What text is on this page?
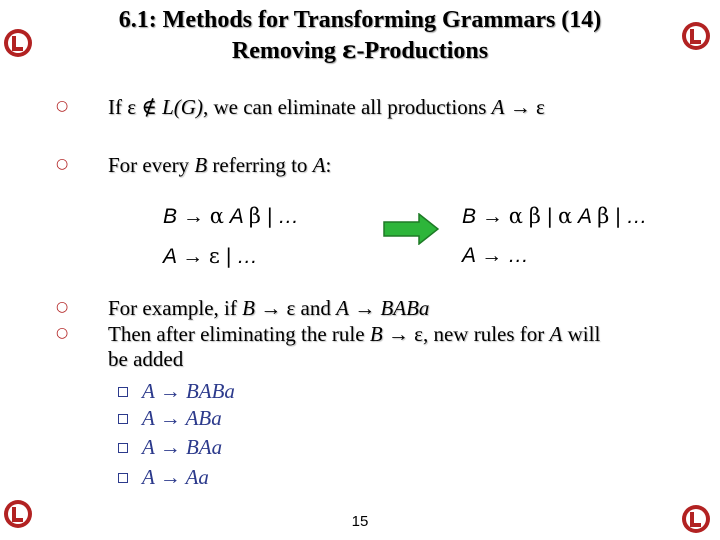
6.1: Methods for Transforming Grammars (14)
Removing ε-Productions
○ If ε ∉ L(G), we can eliminate all productions A → ε
○ For every B referring to A:
B → α A β | …
A → ε | …
B → α β | α A β | …
A → …
○ For example, if B → ε and A → BABa
○ Then after eliminating the rule B → ε, new rules for A will
be added
A → BABa
A → ABa
A → BAa
A → Aa
15
